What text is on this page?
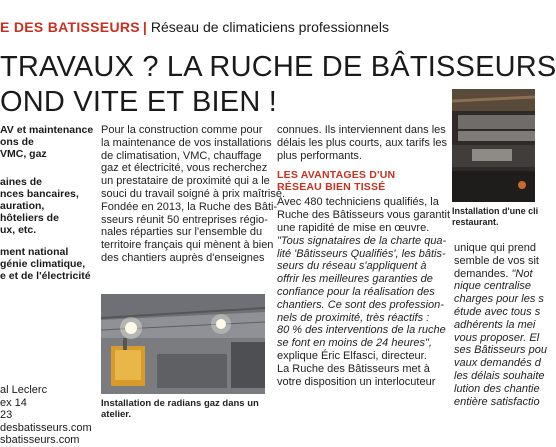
E DES BATISSEURS | Réseau de climaticiens professionnels
TRAVAUX ? LA RUCHE DE BÂTISSEURS
OND VITE ET BIEN !

AV et maintenance
ons de
VMC, gaz

aines de
nces bancaires,
auration,
hôteliers de
ux, etc.

ment national
génie climatique,
e et de l'électricité

al Leclerc
ex 14
23
desbatisseurs.com
sbatisseurs.com
Pour la construction comme pour
la maintenance de vos installations
de climatisation, VMC, chauffage
gaz et électricité, vous recherchez
un prestataire de proximité qui a le
souci du travail soigné à prix maîtrisé.
Fondée en 2013, la Ruche des Bâti-
sseurs réunit 50 entreprises régio-
nales réparties sur l'ensemble du
territoire français qui mènent à bien
des chantiers auprès d'enseignes
Installation de radians gaz dans un atelier.
connues. Ils interviennent dans les
délais les plus courts, aux tarifs les
plus performants.
LES AVANTAGES D'UN
RÉSEAU BIEN TISSÉ
Avec 480 techniciens qualifiés, la
Ruche des Bâtisseurs vous garantit
une rapidité de mise en œuvre.
"Tous signataires de la charte qua-
lité 'Bâtisseurs Qualifiés', les bâtis-
seurs du réseau s'appliquent à
offrir les meilleures garanties de
confiance pour la réalisation des
chantiers. Ce sont des profession-
nels de proximité, très réactifs :
80 % des interventions de la ruche
se font en moins de 24 heures",
explique Éric Elfasci, directeur.
La Ruche des Bâtisseurs met à
votre disposition un interlocuteur
Installation d'une cli
restaurant.
unique qui prend
semble de vos sit
demandes. "Not
nique centralise
charges pour les s
étude avec tous s
adhérents la mei
vous proposer. El
ses Bâtisseurs pou
vaux demandés d
les délais souhaite
lution des chantie
entière satisfactio
